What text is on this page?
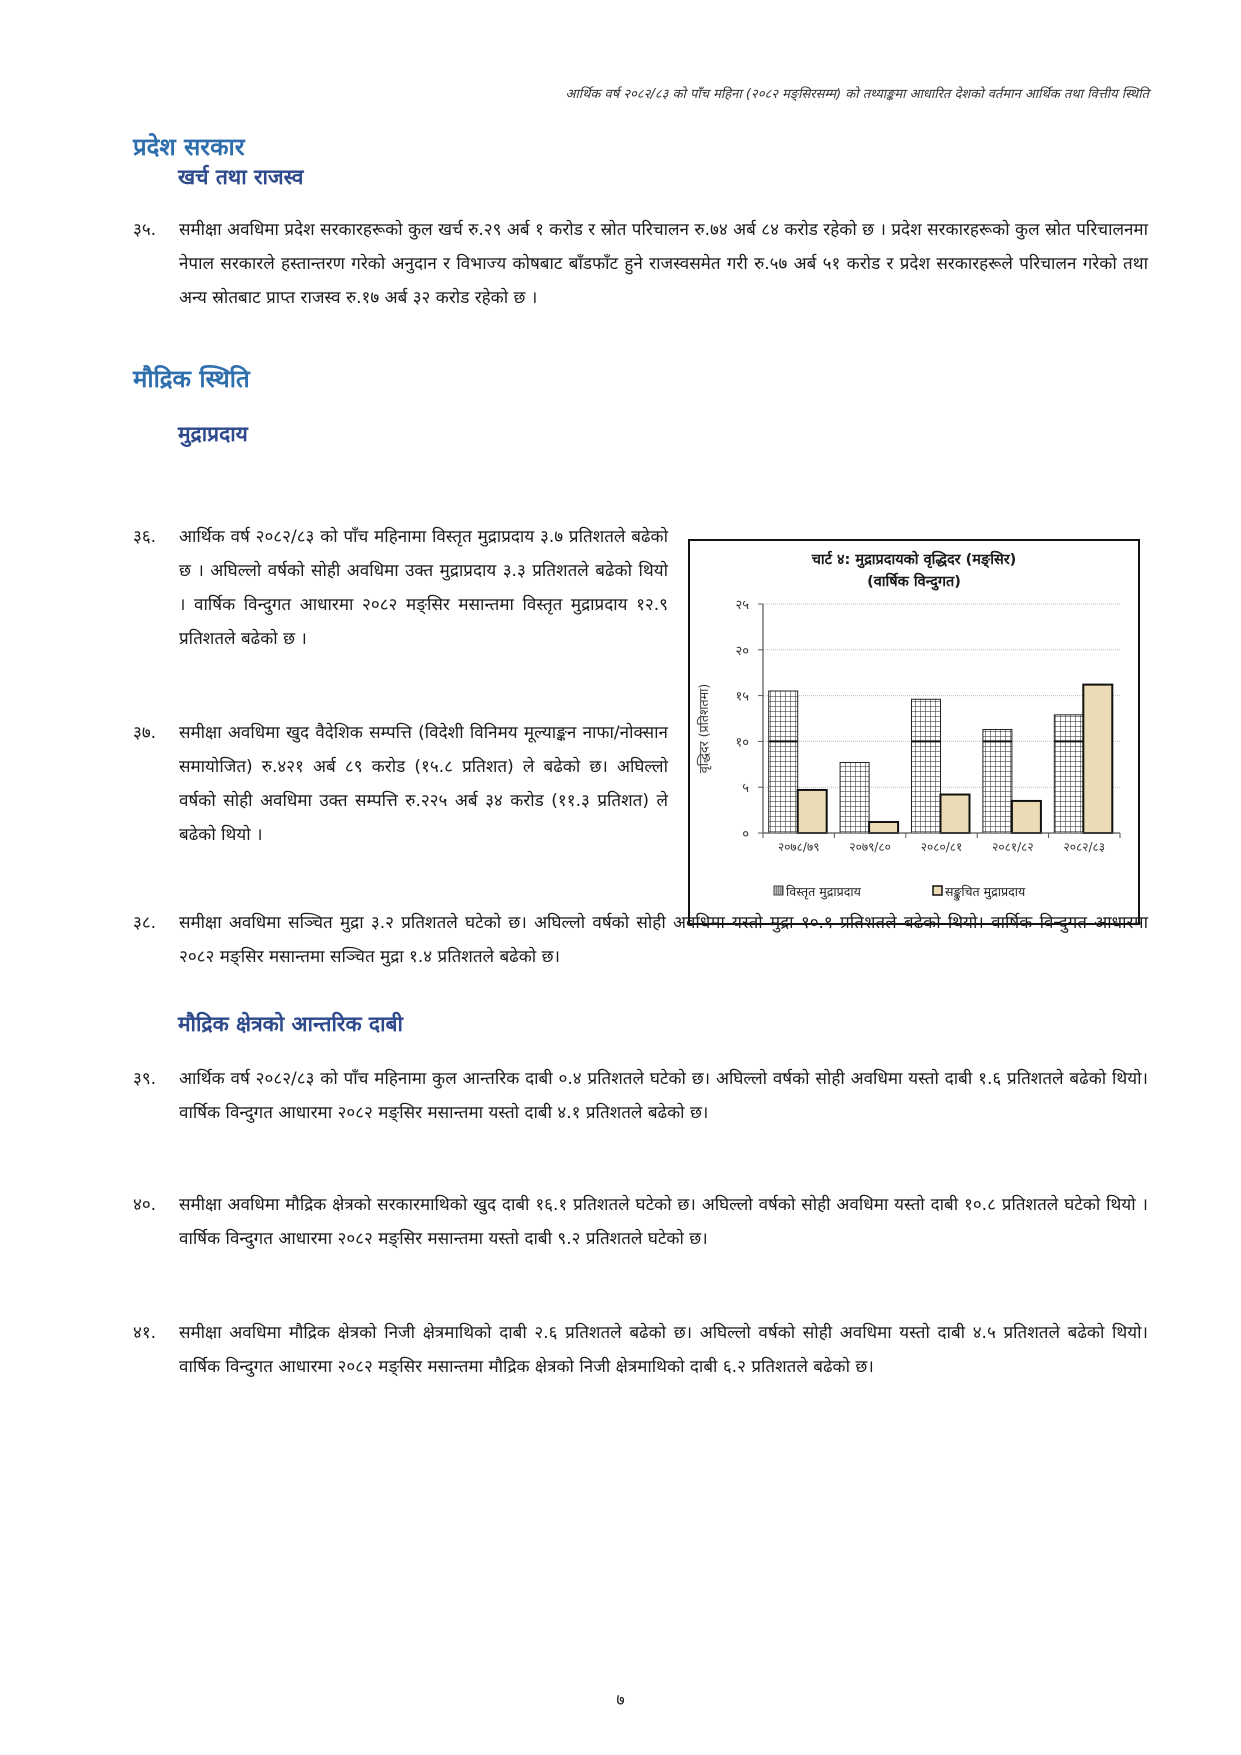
आर्थिक वर्ष २०८२/८३ को पाँच महिना (२०८२ मङ्सिरसम्म) को तथ्याङ्कमा आधारित देशको वर्तमान आर्थिक तथा वित्तीय स्थिति
प्रदेश सरकार
खर्च तथा राजस्व
३५.	समीक्षा अवधिमा प्रदेश सरकारहरूको कुल खर्च रु.२९ अर्ब १ करोड र स्रोत परिचालन रु.७४ अर्ब ८४ करोड रहेको छ । प्रदेश सरकारहरूको कुल स्रोत परिचालनमा नेपाल सरकारले हस्तान्तरण गरेको अनुदान र विभाज्य कोषबाट बाँडफाँट हुने राजस्वसमेत गरी रु.५७ अर्ब ५१ करोड र प्रदेश सरकारहरूले परिचालन गरेको तथा अन्य स्रोतबाट प्राप्त राजस्व रु.१७ अर्ब ३२ करोड रहेको छ ।
मौद्रिक स्थिति
मुद्राप्रदाय
३६.	आर्थिक वर्ष २०८२/८३ को पाँच महिनामा विस्तृत मुद्राप्रदाय ३.७ प्रतिशतले बढेको छ । अघिल्लो वर्षको सोही अवधिमा उक्त मुद्राप्रदाय ३.३ प्रतिशतले बढेको थियो । वार्षिक विन्दुगत आधारमा २०८२ मङ्सिर मसान्तमा विस्तृत मुद्राप्रदाय १२.९ प्रतिशतले बढेको छ ।
३७.	समीक्षा अवधिमा खुद वैदेशिक सम्पत्ति (विदेशी विनिमय मूल्याङ्कन नाफा/नोक्सान समायोजित) रु.४२१ अर्ब ८९ करोड (१५.८ प्रतिशत) ले बढेको छ। अघिल्लो वर्षको सोही अवधिमा उक्त सम्पत्ति रु.२२५ अर्ब ३४ करोड (११.३ प्रतिशत) ले बढेको थियो ।
चार्ट ४: मुद्राप्रदायको वृद्धिदर (मङ्सिर)
(वार्षिक विन्दुगत)
०
५
१०
१५
२०
२५
२०७८/७९ २०७९/८० २०८०/८१ २०८१/८२ २०८२/८३
वृद्धिदर (प्रतिशतमा)
विस्तृत मुद्राप्रदाय	सङ्कुचित मुद्राप्रदाय
३८.	समीक्षा अवधिमा सञ्चित मुद्रा ३.२ प्रतिशतले घटेको छ। अघिल्लो वर्षको सोही अवधिमा यस्तो मुद्रा १०.९ प्रतिशतले बढेको थियो। वार्षिक विन्दुगत आधारमा २०८२ मङ्सिर मसान्तमा सञ्चित मुद्रा १.४ प्रतिशतले बढेको छ।
मौद्रिक क्षेत्रको आन्तरिक दाबी
३९.	आर्थिक वर्ष २०८२/८३ को पाँच महिनामा कुल आन्तरिक दाबी ०.४ प्रतिशतले घटेको छ। अघिल्लो वर्षको सोही अवधिमा यस्तो दाबी १.६ प्रतिशतले बढेको थियो। वार्षिक विन्दुगत आधारमा २०८२ मङ्सिर मसान्तमा यस्तो दाबी ४.१ प्रतिशतले बढेको छ।
४०.	समीक्षा अवधिमा मौद्रिक क्षेत्रको सरकारमाथिको खुद दाबी १६.१ प्रतिशतले घटेको छ। अघिल्लो वर्षको सोही अवधिमा यस्तो दाबी १०.८ प्रतिशतले घटेको थियो । वार्षिक विन्दुगत आधारमा २०८२ मङ्सिर मसान्तमा यस्तो दाबी ९.२ प्रतिशतले घटेको छ।
४१.	समीक्षा अवधिमा मौद्रिक क्षेत्रको निजी क्षेत्रमाथिको दाबी २.६ प्रतिशतले बढेको छ। अघिल्लो वर्षको सोही अवधिमा यस्तो दाबी ४.५ प्रतिशतले बढेको थियो। वार्षिक विन्दुगत आधारमा २०८२ मङ्सिर मसान्तमा मौद्रिक क्षेत्रको निजी क्षेत्रमाथिको दाबी ६.२ प्रतिशतले बढेको छ।
७
